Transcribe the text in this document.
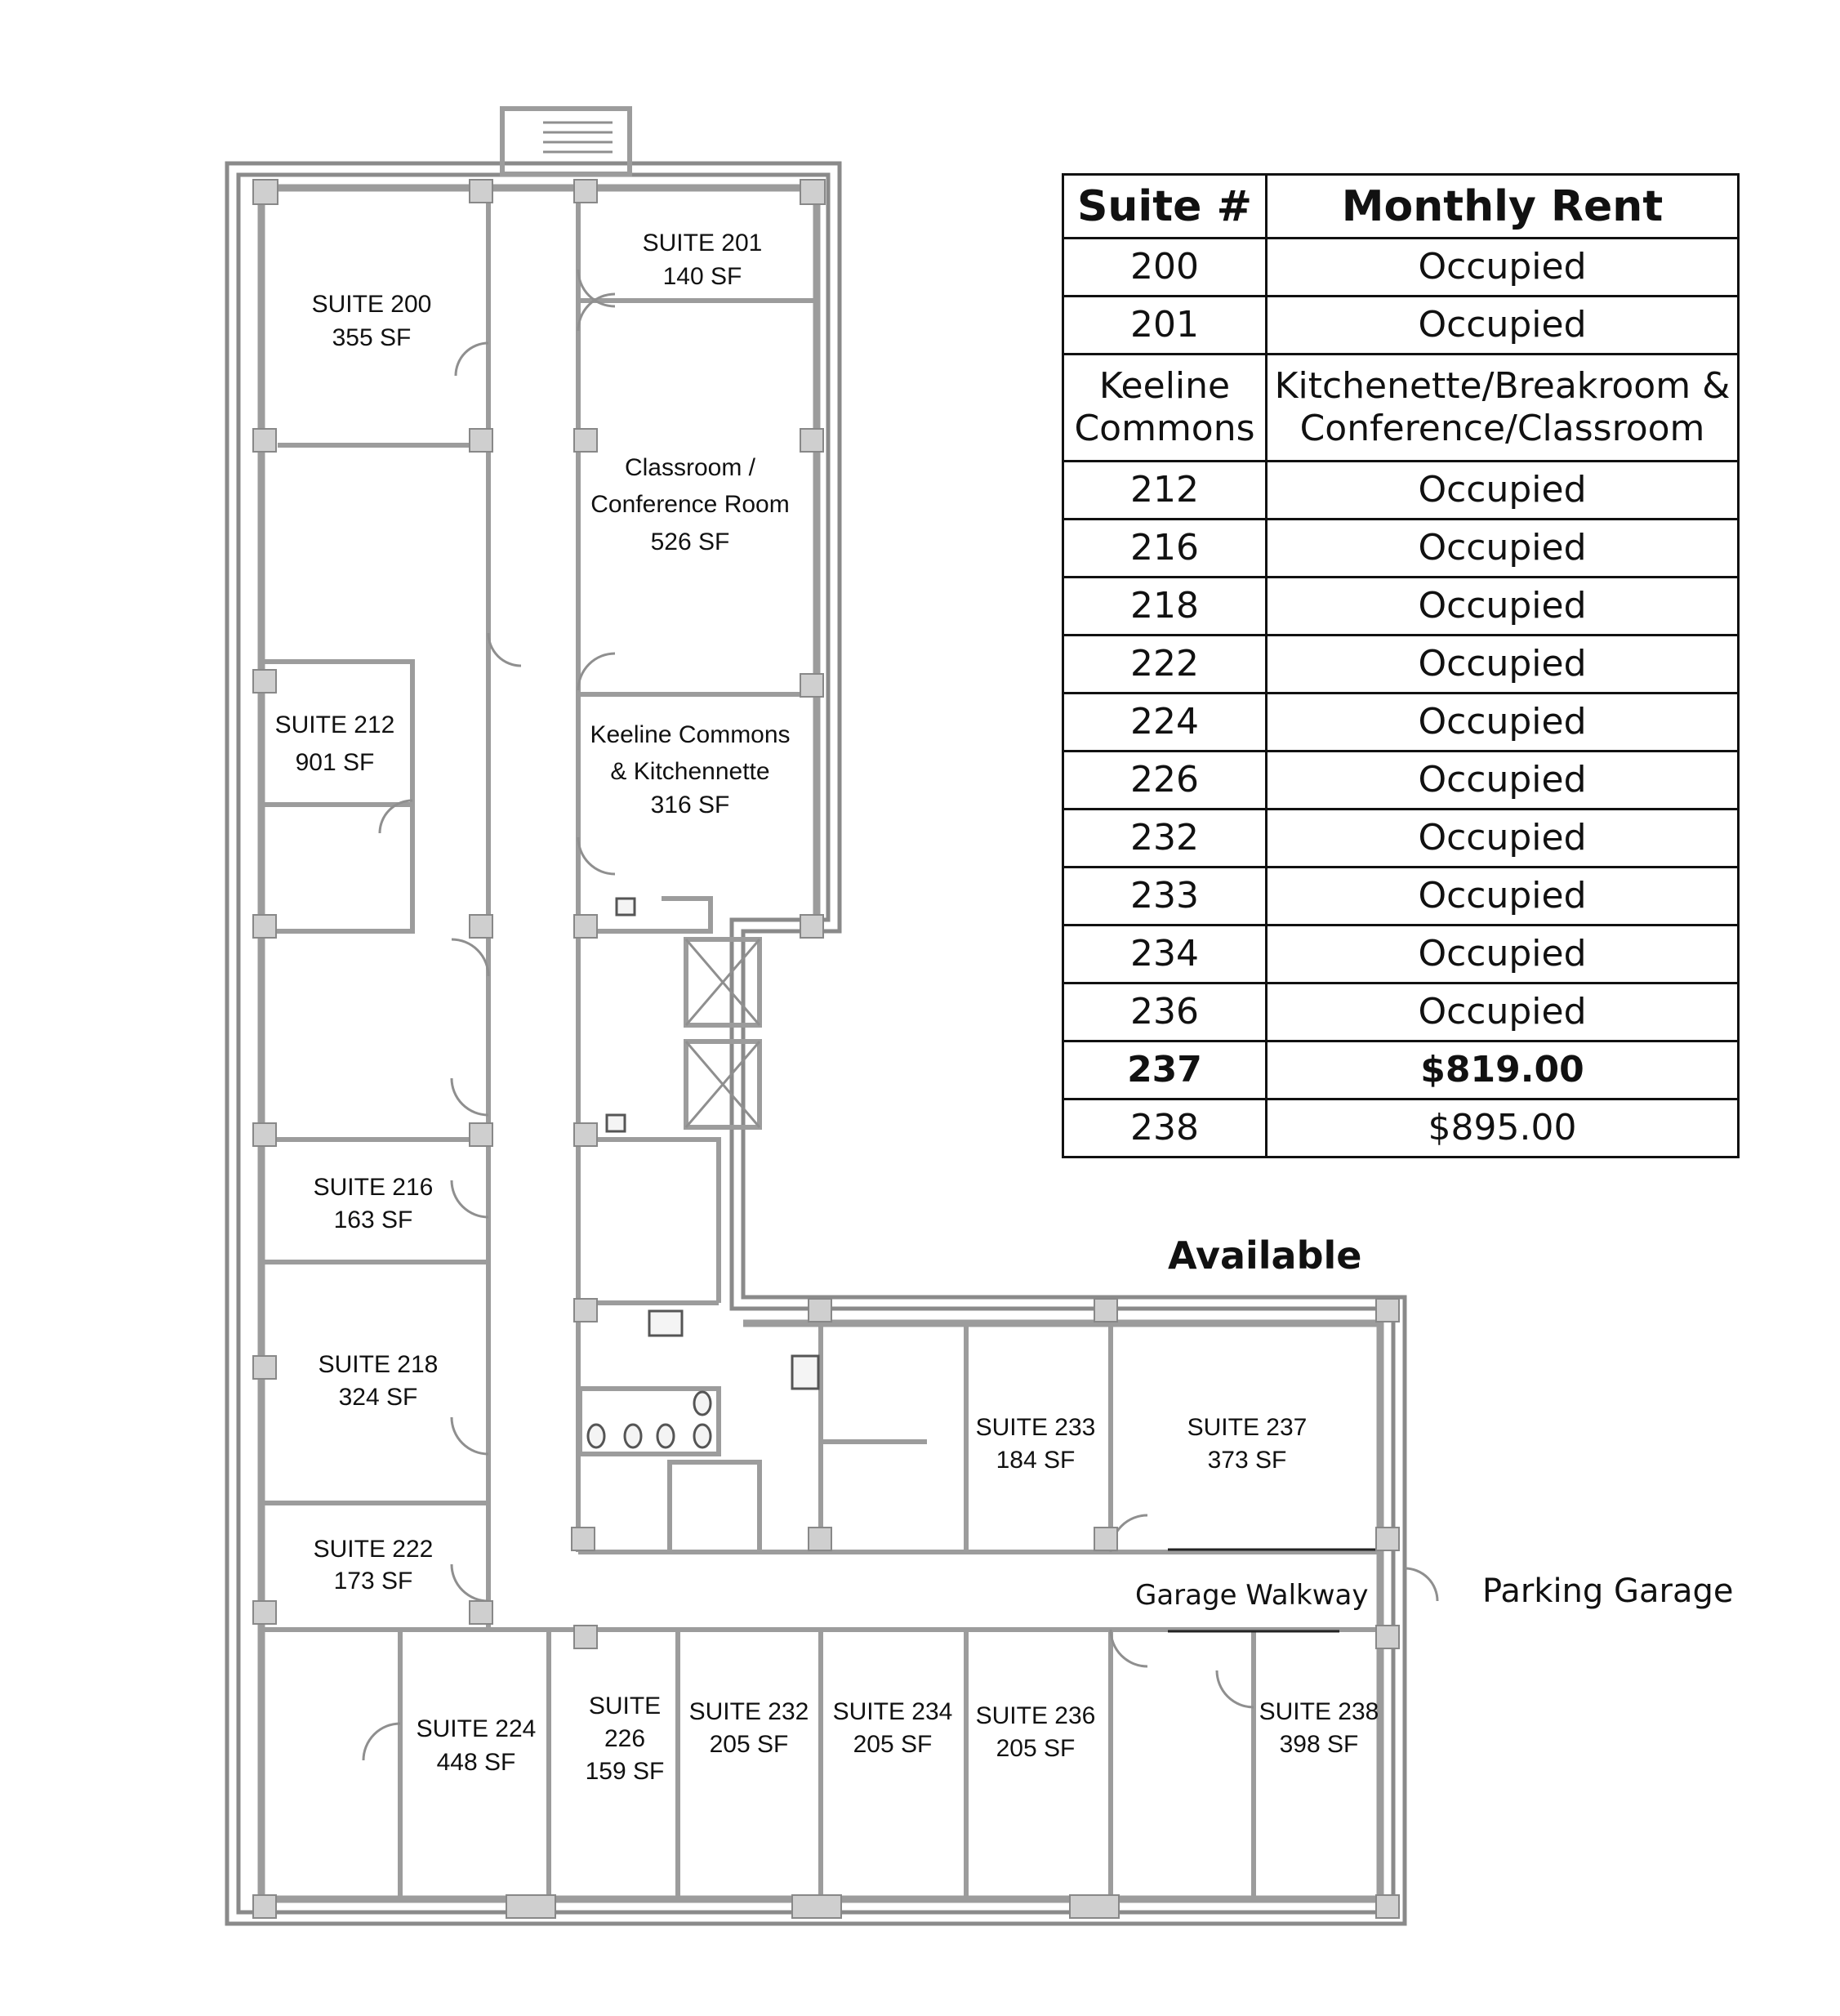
SUITE 200
355 SF
SUITE 201
140 SF
Classroom /
Conference Room
526 SF
Keeline Commons
& Kitchennette
316 SF
SUITE 212
901 SF
SUITE 216
163 SF
SUITE 218
324 SF
SUITE 222
173 SF
SUITE 224
448 SF
SUITE
226
159 SF
SUITE 232
205 SF
SUITE 234
205 SF
SUITE 236
205 SF
SUITE 233
184 SF
SUITE 237
373 SF
SUITE 238
398 SF
Suite #	Monthly Rent
200	Occupied
201	Occupied
Keeline Commons	Kitchenette/Breakroom & Conference/Classroom
212	Occupied
216	Occupied
218	Occupied
222	Occupied
224	Occupied
226	Occupied
232	Occupied
233	Occupied
234	Occupied
236	Occupied
237	$819.00
238	$895.00
Available
Garage Walkway	Parking Garage
